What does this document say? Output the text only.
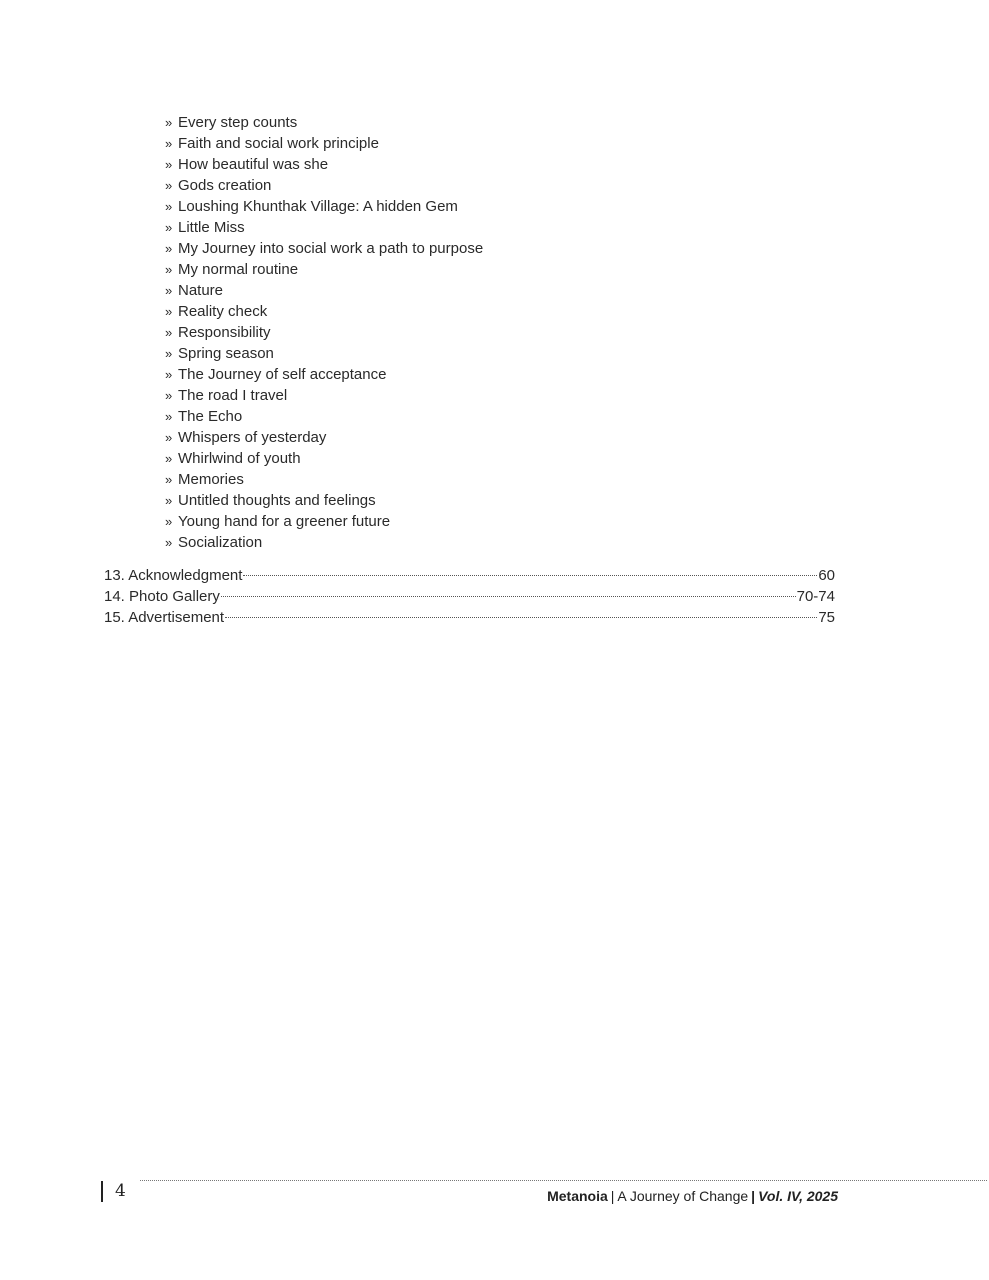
» Every step counts
» Faith and social work principle
» How beautiful was she
» Gods creation
» Loushing Khunthak Village: A hidden Gem
» Little Miss
» My Journey into social work a path to purpose
» My normal routine
» Nature
» Reality check
» Responsibility
» Spring season
» The Journey of self acceptance
» The road I travel
» The Echo
» Whispers of yesterday
» Whirlwind of youth
» Memories
» Untitled thoughts and feelings
» Young hand for a greener future
» Socialization
13. Acknowledgment	60
14. Photo Gallery	70-74
15. Advertisement	75
4	Metanoia | A Journey of Change | Vol. IV, 2025
